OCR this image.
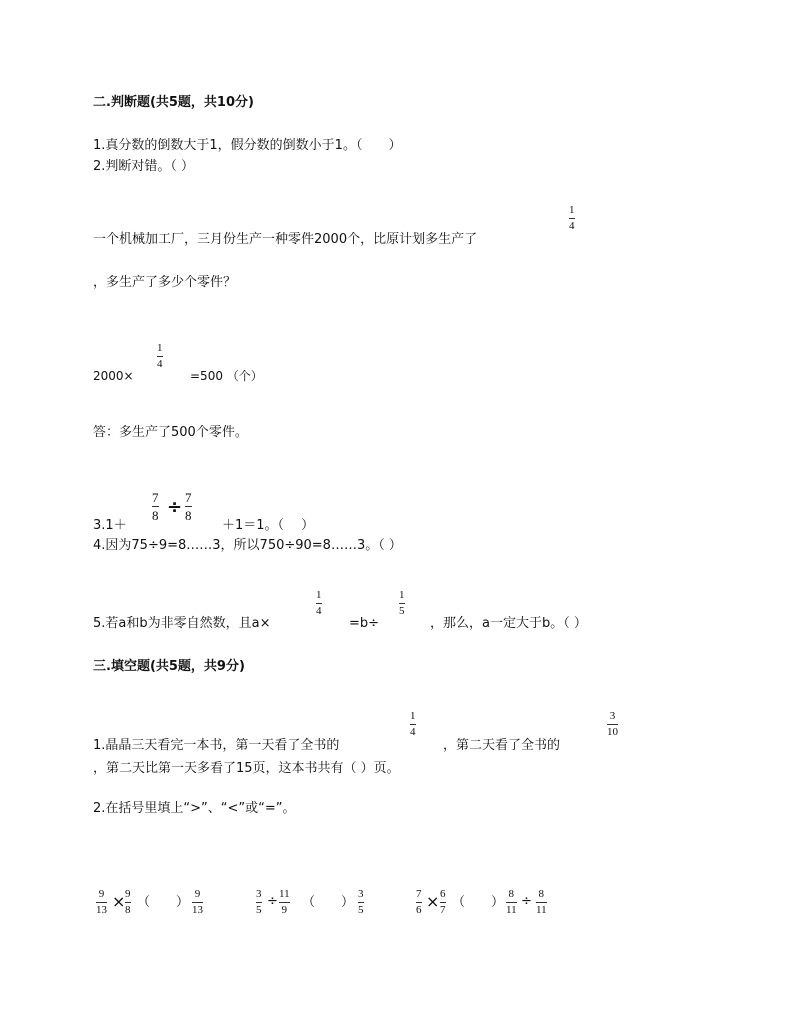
二.判断题(共5题，共10分)
1.真分数的倒数大于1，假分数的倒数小于1。（　　）
2.判断对错。（ ）
一个机械加工厂，三月份生产一种零件2000个，比原计划多生产了
1
4
，多生产了多少个零件？
2000×
1
4
=500 （个）
答：多生产了500个零件。
3.1＋
7
8 ÷ 7
8
＋1＝1。（　 ）
4.因为75÷9=8……3，所以750÷90=8……3。（ ）
5.若a和b为非零自然数，且a×
1
4
=b÷
1
5
，那么，a一定大于b。（ ）
三.填空题(共5题，共9分)
1.晶晶三天看完一本书，第一天看了全书的
1
4
，第二天看了全书的
3
10
，第二天比第一天多看了15页，这本书共有（ ）页。
2.在括号里填上“>”、“<”或“=”。
9
13 × 9
8 （　　）
9
13
3
5
÷ 11
9 （　　）
3
5
7
6 × 6
7 （　　）
8
11
÷ 8
11
